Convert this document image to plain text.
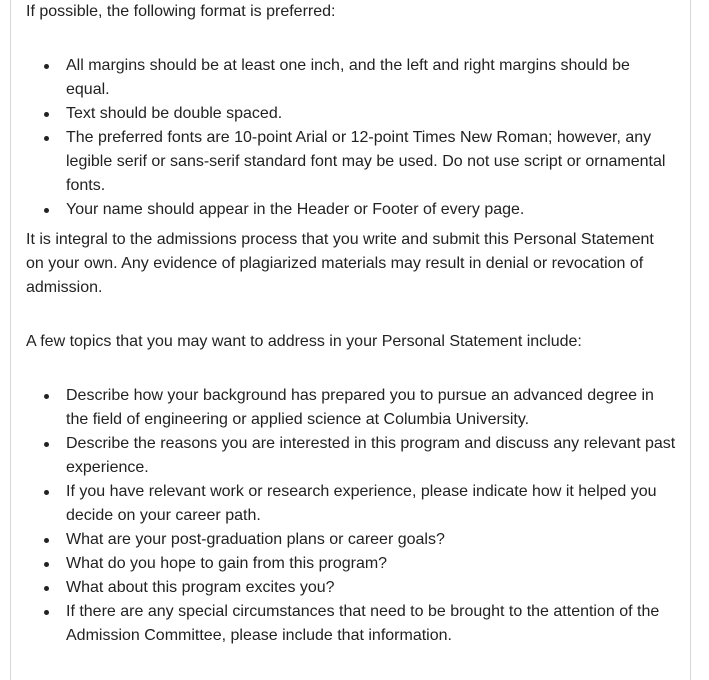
If possible, the following format is preferred:

All margins should be at least one inch, and the left and right margins should be equal.
Text should be double spaced.
The preferred fonts are 10-point Arial or 12-point Times New Roman; however, any legible serif or sans-serif standard font may be used. Do not use script or ornamental fonts.
Your name should appear in the Header or Footer of every page.

It is integral to the admissions process that you write and submit this Personal Statement on your own. Any evidence of plagiarized materials may result in denial or revocation of admission.

A few topics that you may want to address in your Personal Statement include:

Describe how your background has prepared you to pursue an advanced degree in the field of engineering or applied science at Columbia University.
Describe the reasons you are interested in this program and discuss any relevant past experience.
If you have relevant work or research experience, please indicate how it helped you decide on your career path.
What are your post-graduation plans or career goals?
What do you hope to gain from this program?
What about this program excites you?
If there are any special circumstances that need to be brought to the attention of the Admission Committee, please include that information.
